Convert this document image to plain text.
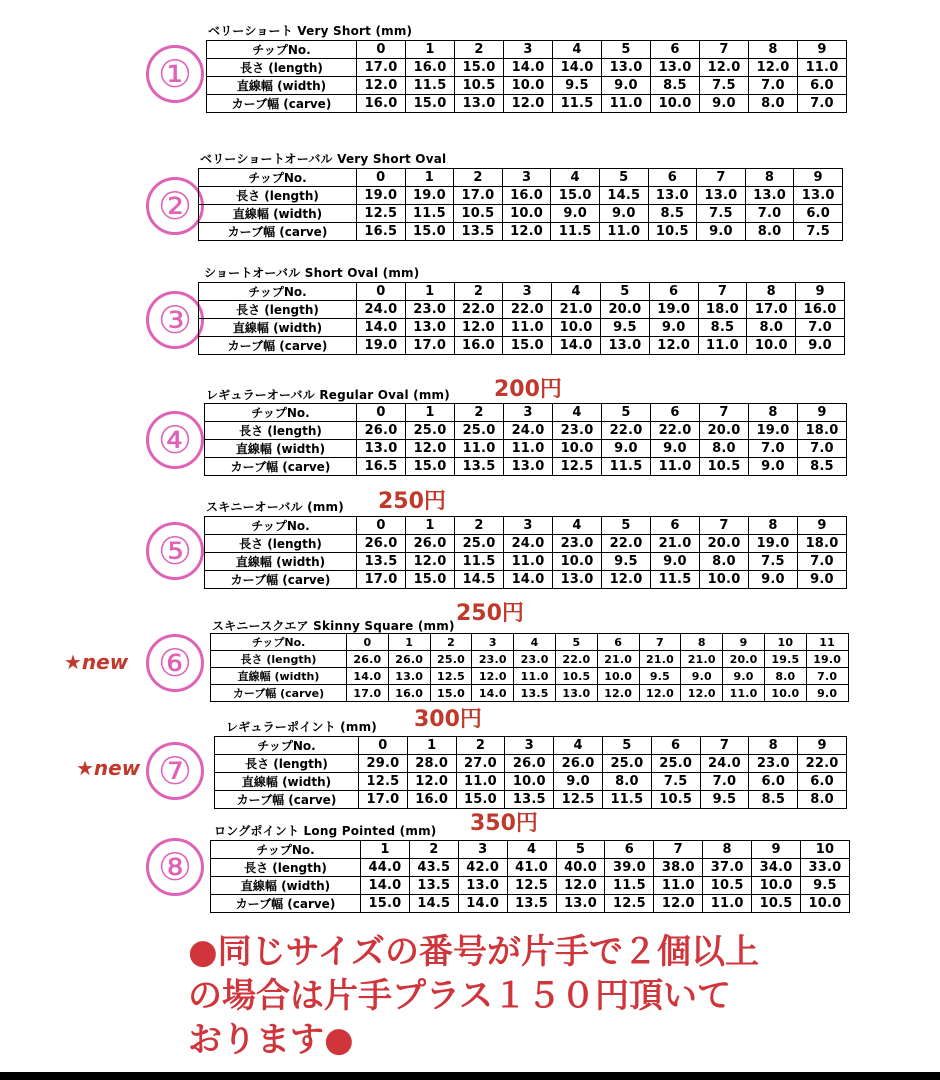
①
ベリーショート Very Short (mm)
チップNo.	0	1	2	3	4	5	6	7	8	9
長さ (length)	17.0	16.0	15.0	14.0	14.0	13.0	13.0	12.0	12.0	11.0
直線幅 (width)	12.0	11.5	10.5	10.0	9.5	9.0	8.5	7.5	7.0	6.0
カーブ幅 (carve)	16.0	15.0	13.0	12.0	11.5	11.0	10.0	9.0	8.0	7.0
②
ベリーショートオーバル Very Short Oval
チップNo.	0	1	2	3	4	5	6	7	8	9
長さ (length)	19.0	19.0	17.0	16.0	15.0	14.5	13.0	13.0	13.0	13.0
直線幅 (width)	12.5	11.5	10.5	10.0	9.0	9.0	8.5	7.5	7.0	6.0
カーブ幅 (carve)	16.5	15.0	13.5	12.0	11.5	11.0	10.5	9.0	8.0	7.5
③
ショートオーバル Short Oval (mm)
チップNo.	0	1	2	3	4	5	6	7	8	9
長さ (length)	24.0	23.0	22.0	22.0	21.0	20.0	19.0	18.0	17.0	16.0
直線幅 (width)	14.0	13.0	12.0	11.0	10.0	9.5	9.0	8.5	8.0	7.0
カーブ幅 (carve)	19.0	17.0	16.0	15.0	14.0	13.0	12.0	11.0	10.0	9.0
④
レギュラーオーバル Regular Oval (mm) 200円
チップNo.	0	1	2	3	4	5	6	7	8	9
長さ (length)	26.0	25.0	25.0	24.0	23.0	22.0	22.0	20.0	19.0	18.0
直線幅 (width)	13.0	12.0	11.0	11.0	10.0	9.0	9.0	8.0	7.0	7.0
カーブ幅 (carve)	16.5	15.0	13.5	13.0	12.5	11.5	11.0	10.5	9.0	8.5
⑤
スキニーオーバル (mm) 250円
チップNo.	0	1	2	3	4	5	6	7	8	9
長さ (length)	26.0	26.0	25.0	24.0	23.0	22.0	21.0	20.0	19.0	18.0
直線幅 (width)	13.5	12.0	11.5	11.0	10.0	9.5	9.0	8.0	7.5	7.0
カーブ幅 (carve)	17.0	15.0	14.5	14.0	13.0	12.0	11.5	10.0	9.0	9.0
⑥
スキニースクエア Skinny Square (mm) 250円
★new
チップNo.	0	1	2	3	4	5	6	7	8	9	10	11
長さ (length)	26.0	26.0	25.0	23.0	23.0	22.0	21.0	21.0	21.0	20.0	19.5	19.0
直線幅 (width)	14.0	13.0	12.5	12.0	11.0	10.5	10.0	9.5	9.0	9.0	8.0	7.0
カーブ幅 (carve)	17.0	16.0	15.0	14.0	13.5	13.0	12.0	12.0	12.0	11.0	10.0	9.0
⑦
レギュラーポイント (mm) 300円
★new
チップNo.	0	1	2	3	4	5	6	7	8	9
長さ (length)	29.0	28.0	27.0	26.0	26.0	25.0	25.0	24.0	23.0	22.0
直線幅 (width)	12.5	12.0	11.0	10.0	9.0	8.0	7.5	7.0	6.0	6.0
カーブ幅 (carve)	17.0	16.0	15.0	13.5	12.5	11.5	10.5	9.5	8.5	8.0
⑧
ロングポイント Long Pointed (mm) 350円
チップNo.	1	2	3	4	5	6	7	8	9	10
長さ (length)	44.0	43.5	42.0	41.0	40.0	39.0	38.0	37.0	34.0	33.0
直線幅 (width)	14.0	13.5	13.0	12.5	12.0	11.5	11.0	10.5	10.0	9.5
カーブ幅 (carve)	15.0	14.5	14.0	13.5	13.0	12.5	12.0	11.0	10.5	10.0
●同じサイズの番号が片手で２個以上
の場合は片手プラス１５０円頂いて
おります●
